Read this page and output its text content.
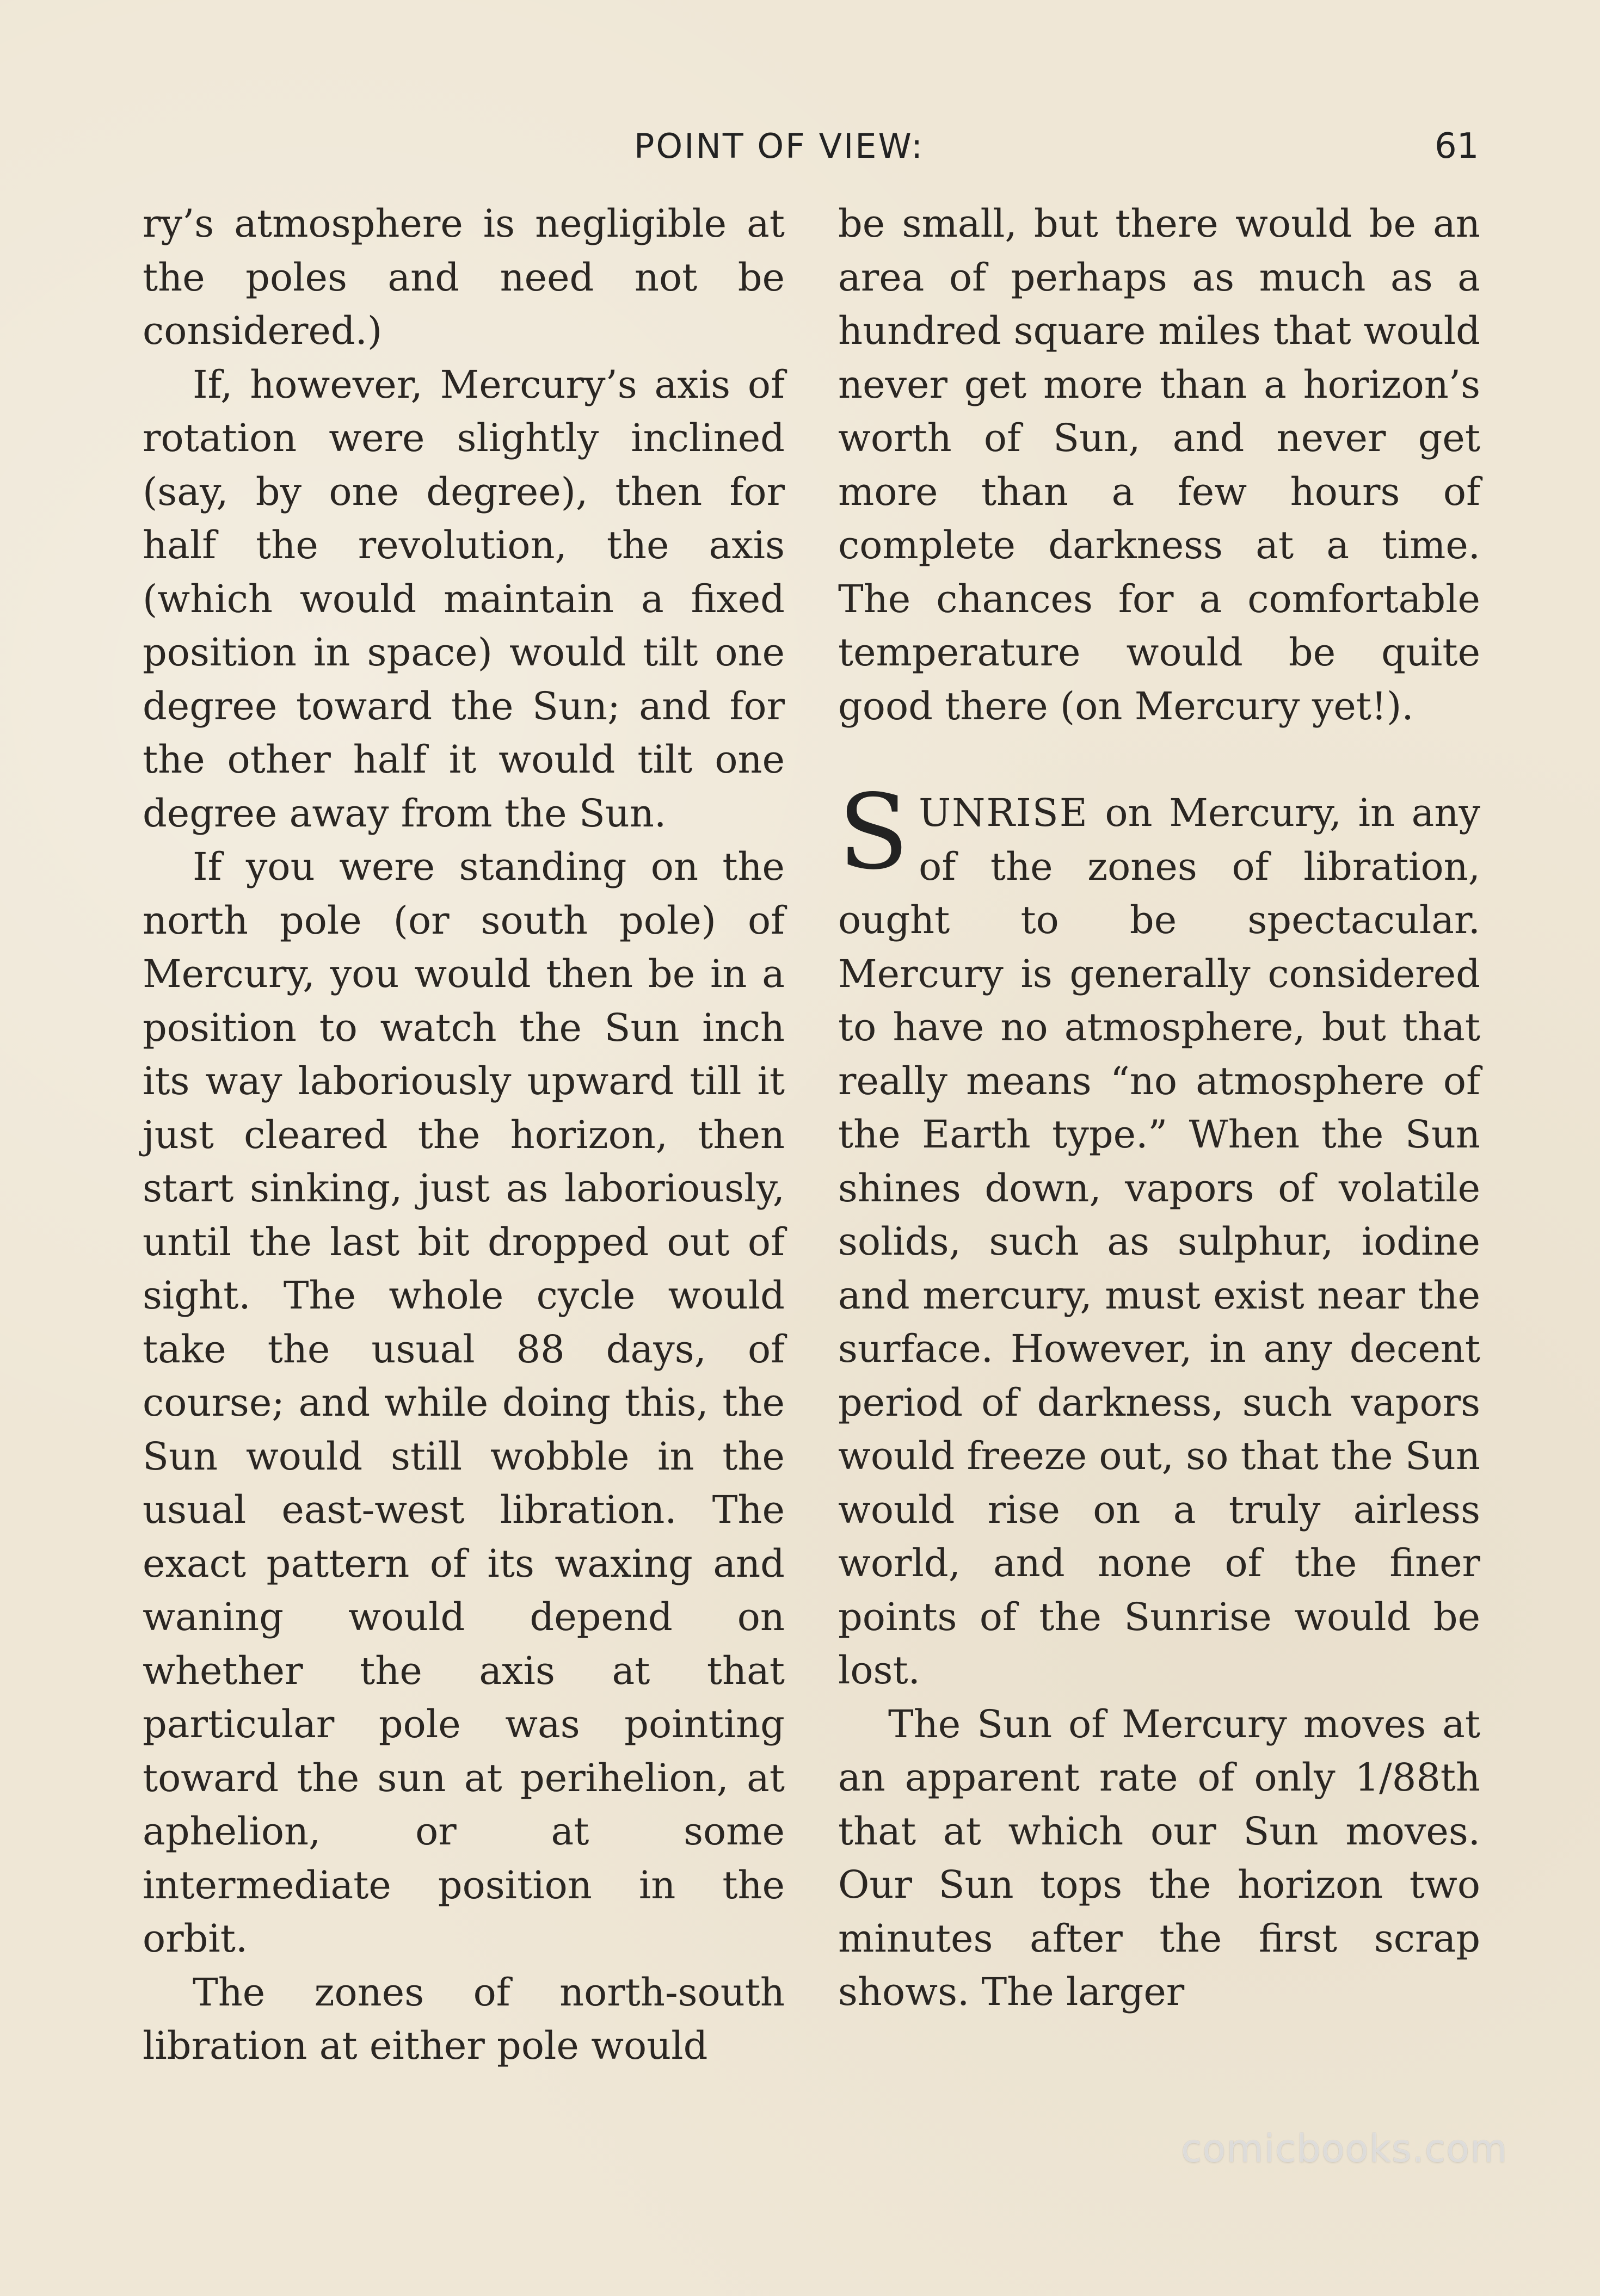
POINT OF VIEW:	61

ry’s atmosphere is negligible at the poles and need not be considered.)

If, however, Mercury’s axis of rotation were slightly inclined (say, by one degree), then for half the revolution, the axis (which would maintain a fixed position in space) would tilt one degree toward the Sun; and for the other half it would tilt one degree away from the Sun.

If you were standing on the north pole (or south pole) of Mercury, you would then be in a position to watch the Sun inch its way laboriously upward till it just cleared the horizon, then start sinking, just as laboriously, until the last bit dropped out of sight. The whole cycle would take the usual 88 days, of course; and while doing this, the Sun would still wobble in the usual east-west libration. The exact pattern of its waxing and waning would depend on whether the axis at that particular pole was pointing toward the sun at perihelion, at aphelion, or at some intermediate position in the orbit.

The zones of north-south libration at either pole would

be small, but there would be an area of perhaps as much as a hundred square miles that would never get more than a horizon’s worth of Sun, and never get more than a few hours of complete darkness at a time. The chances for a comfortable temperature would be quite good there (on Mercury yet!).

SUNRISE on Mercury, in any of the zones of libration, ought to be spectacular. Mercury is generally considered to have no atmosphere, but that really means “no atmosphere of the Earth type.” When the Sun shines down, vapors of volatile solids, such as sulphur, iodine and mercury, must exist near the surface. However, in any decent period of darkness, such vapors would freeze out, so that the Sun would rise on a truly airless world, and none of the finer points of the Sunrise would be lost.

The Sun of Mercury moves at an apparent rate of only 1/88th that at which our Sun moves. Our Sun tops the horizon two minutes after the first scrap shows. The larger

comicbooks.com
